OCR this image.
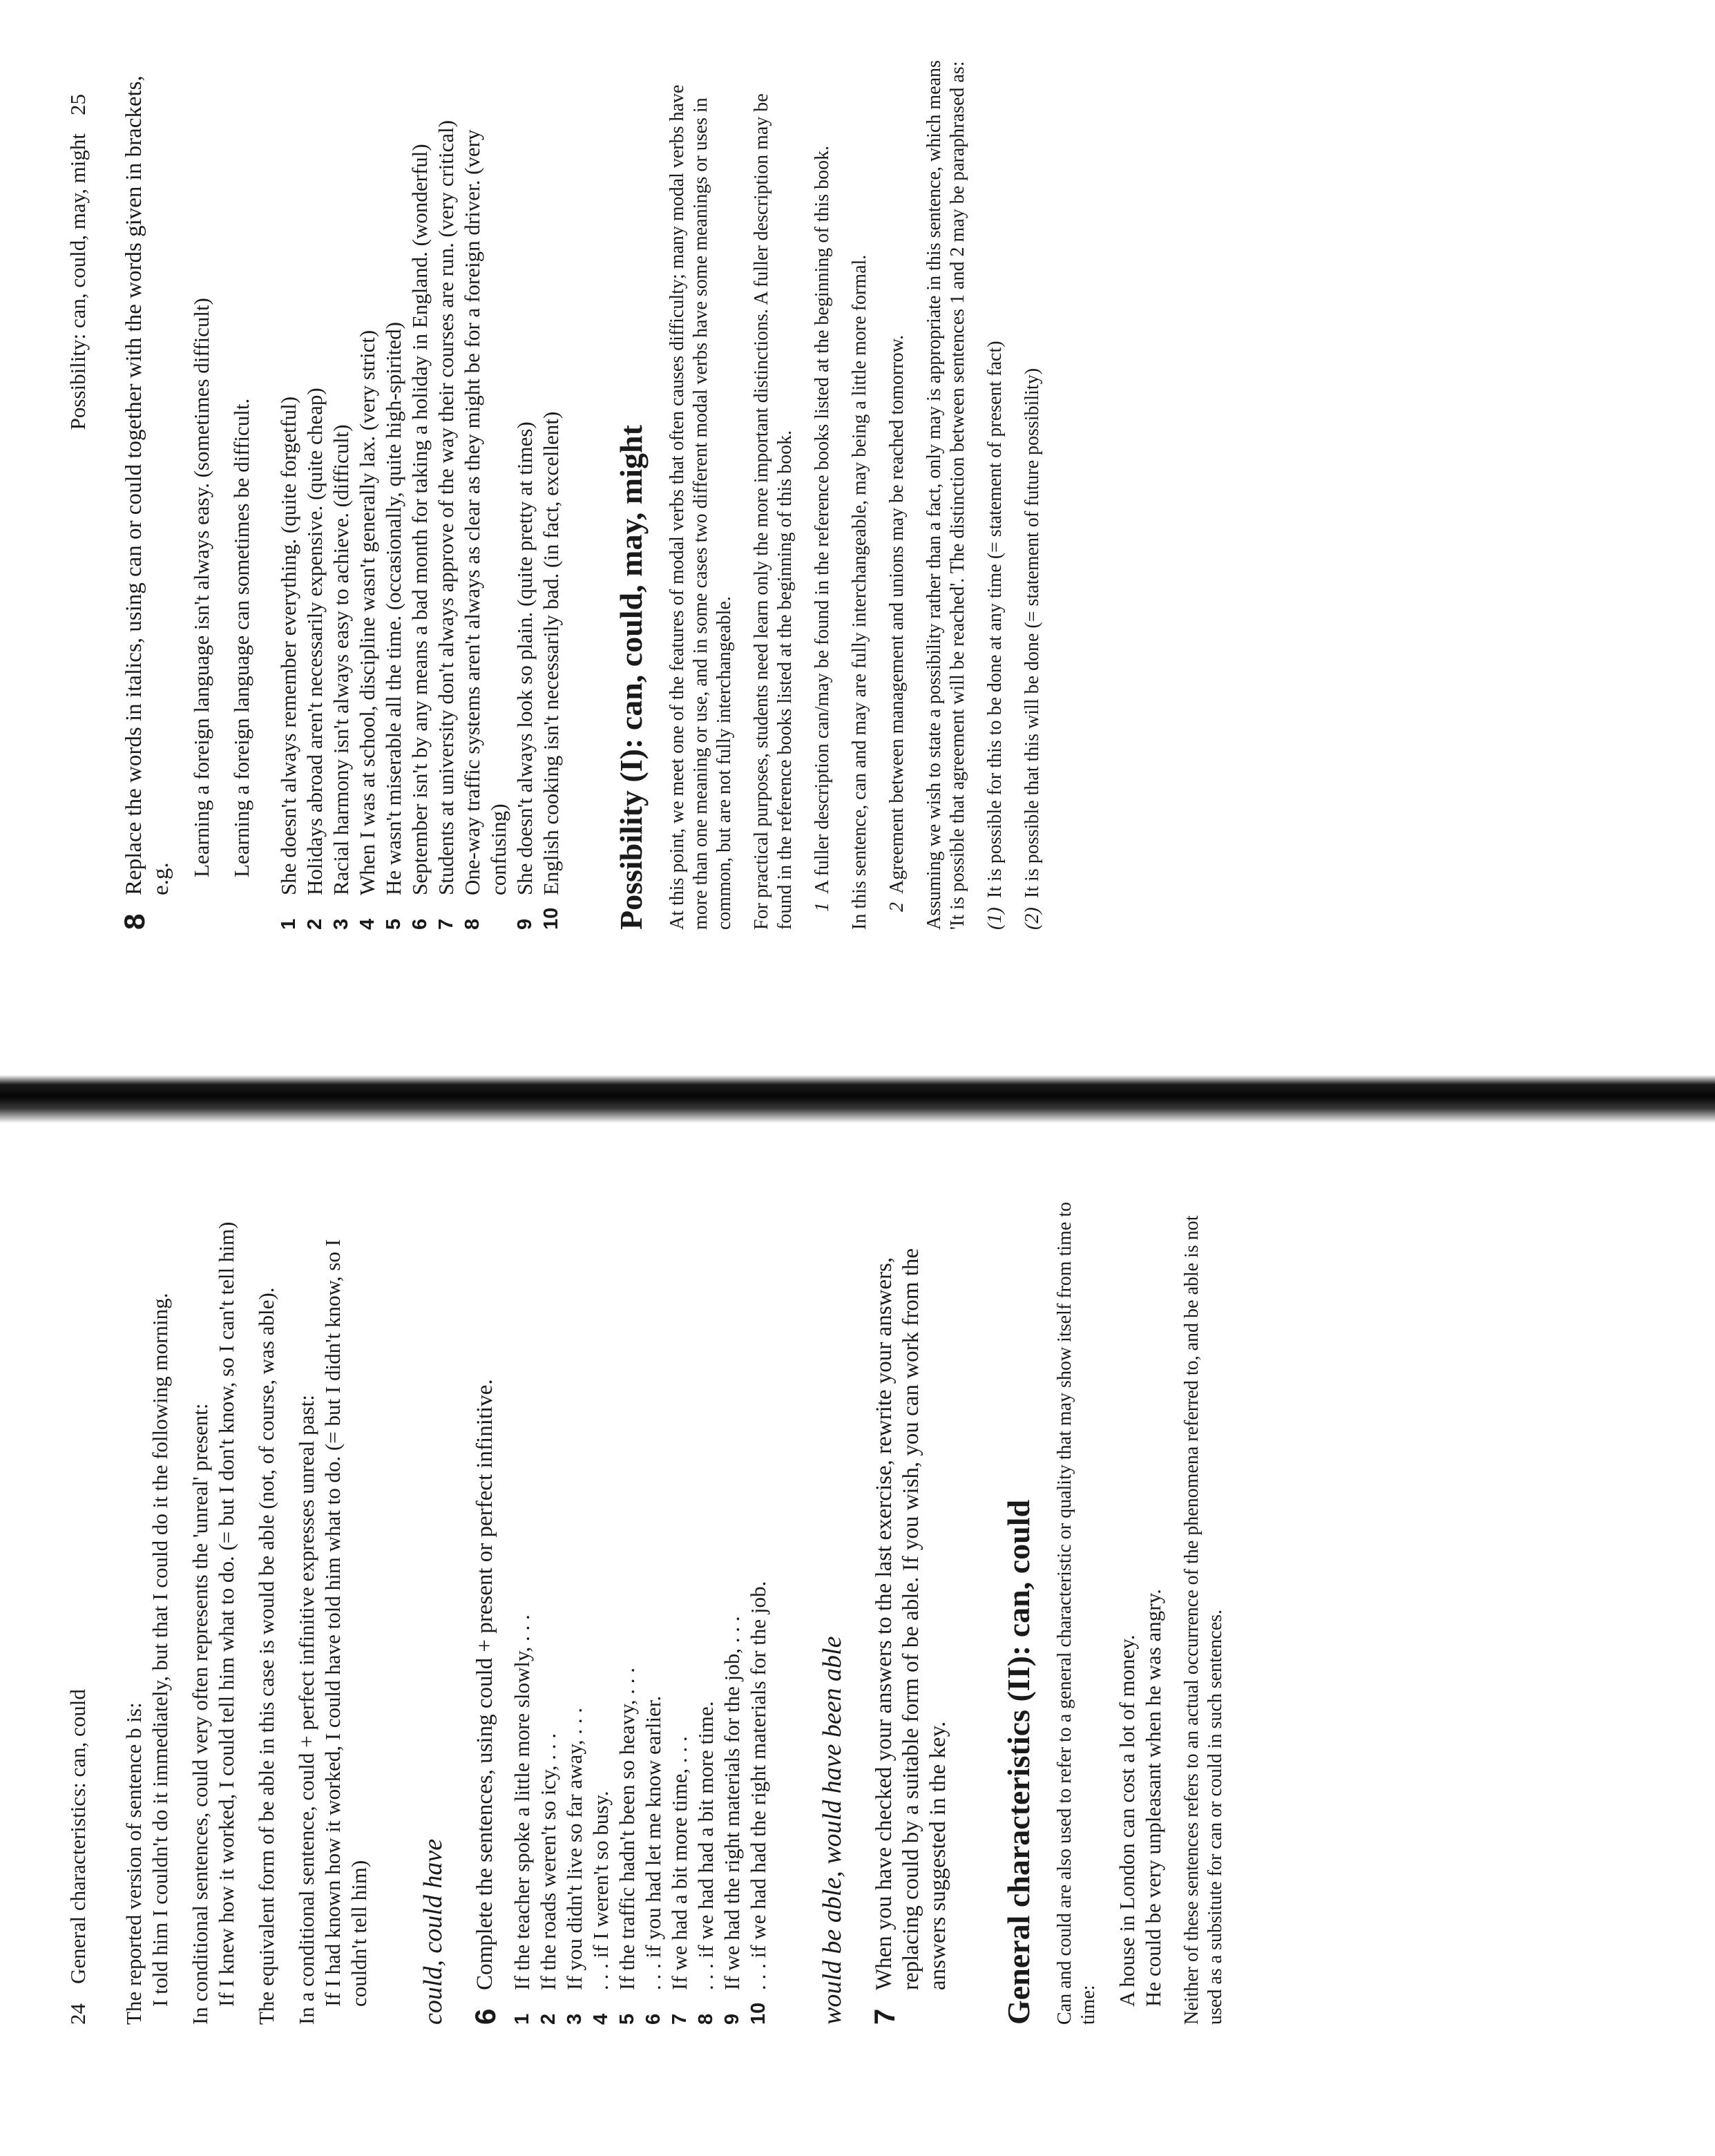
24General characteristics: can, could The reported version of sentence b is: I told him I couldn't do it immediately, but that I could do it the following morning. In conditional sentences, could very often represents the 'unreal' present: If I knew how it worked, I could tell him what to do. (= but I don't know, so I can't tell him) The equivalent form of be able in this case is would be able (not, of course, was able). In a conditional sentence, could + perfect infinitive expresses unreal past: If I had known how it worked, I could have told him what to do. (= but I didn't know, so I couldn't tell him) could, could have 6
Complete the sentences, using could + present or perfect infinitive.
1
If the teacher spoke a little more slowly, . . .
2
If the roads weren't so icy, . . .
3
If you didn't live so far away, . . .
4
. . . if I weren't so busy.
5
If the traffic hadn't been so heavy, . . .
6
. . . if you had let me know earlier.
7
If we had a bit more time, . . .
8
. . . if we had had a bit more time.
9
If we had the right materials for the job, . . .
10
. . . if we had had the right materials for the job. would be able, would have been able 7
When you have checked your answers to the last exercise, rewrite your answers, replacing could by a suitable form of be able. If you wish, you can work from the answers suggested in the key. General characteristics (II): can, could Can and could are also used to refer to a general characteristic or quality that may show itself from time to time: A house in London can cost a lot of money. He could be very unpleasant when he was angry. Neither of these sentences refers to an actual occurrence of the phenomena referred to, and be able is not used as a subsitute for can or could in such sentences.

Possibility: can, could, may, might25
8
Replace the words in italics, using can or could together with the words given in brackets, e.g.

Learning a foreign language isn't always easy. (sometimes difficult) Learning a foreign language can sometimes be difficult.

1
She doesn't always remember everything. (quite forgetful)
2
Holidays abroad aren't necessarily expensive. (quite cheap)
3
Racial harmony isn't always easy to achieve. (difficult)
4
When I was at school, discipline wasn't generally lax. (very strict)
5
He wasn't miserable all the time. (occasionally, quite high-spirited)
6
September isn't by any means a bad month for taking a holiday in England. (wonderful)
7
Students at university don't always approve of the way their courses are run. (very critical)
8
One-way traffic systems aren't always as clear as they might be for a foreign driver. (very confusing)
9
She doesn't always look so plain. (quite pretty at times)
10
English cooking isn't necessarily bad. (in fact, excellent) Possibility (I): can, could, may, might At this point, we meet one of the features of modal verbs that often causes difficulty; many modal verbs have more than one meaning or use, and in some cases two different modal verbs have some meanings or uses in common, but are not fully interchangeable. For practical purposes, students need learn only the more important distinctions. A fuller description may be found in the reference books listed at the beginning of this book. 1
A fuller description can/may be found in the reference books listed at the beginning of this book. In this sentence, can and may are fully interchangeable, may being a little more formal. 2
Agreement between management and unions may be reached tomorrow. Assuming we wish to state a possibility rather than a fact, only may is appropriate in this sentence, which means 'It is possible that agreement will be reached'. The distinction between sentences 1 and 2 may be paraphrased as: (1)
It is possible for this to be done at any time (= statement of present fact)
(2)
It is possible that this will be done (= statement of future possibility)
